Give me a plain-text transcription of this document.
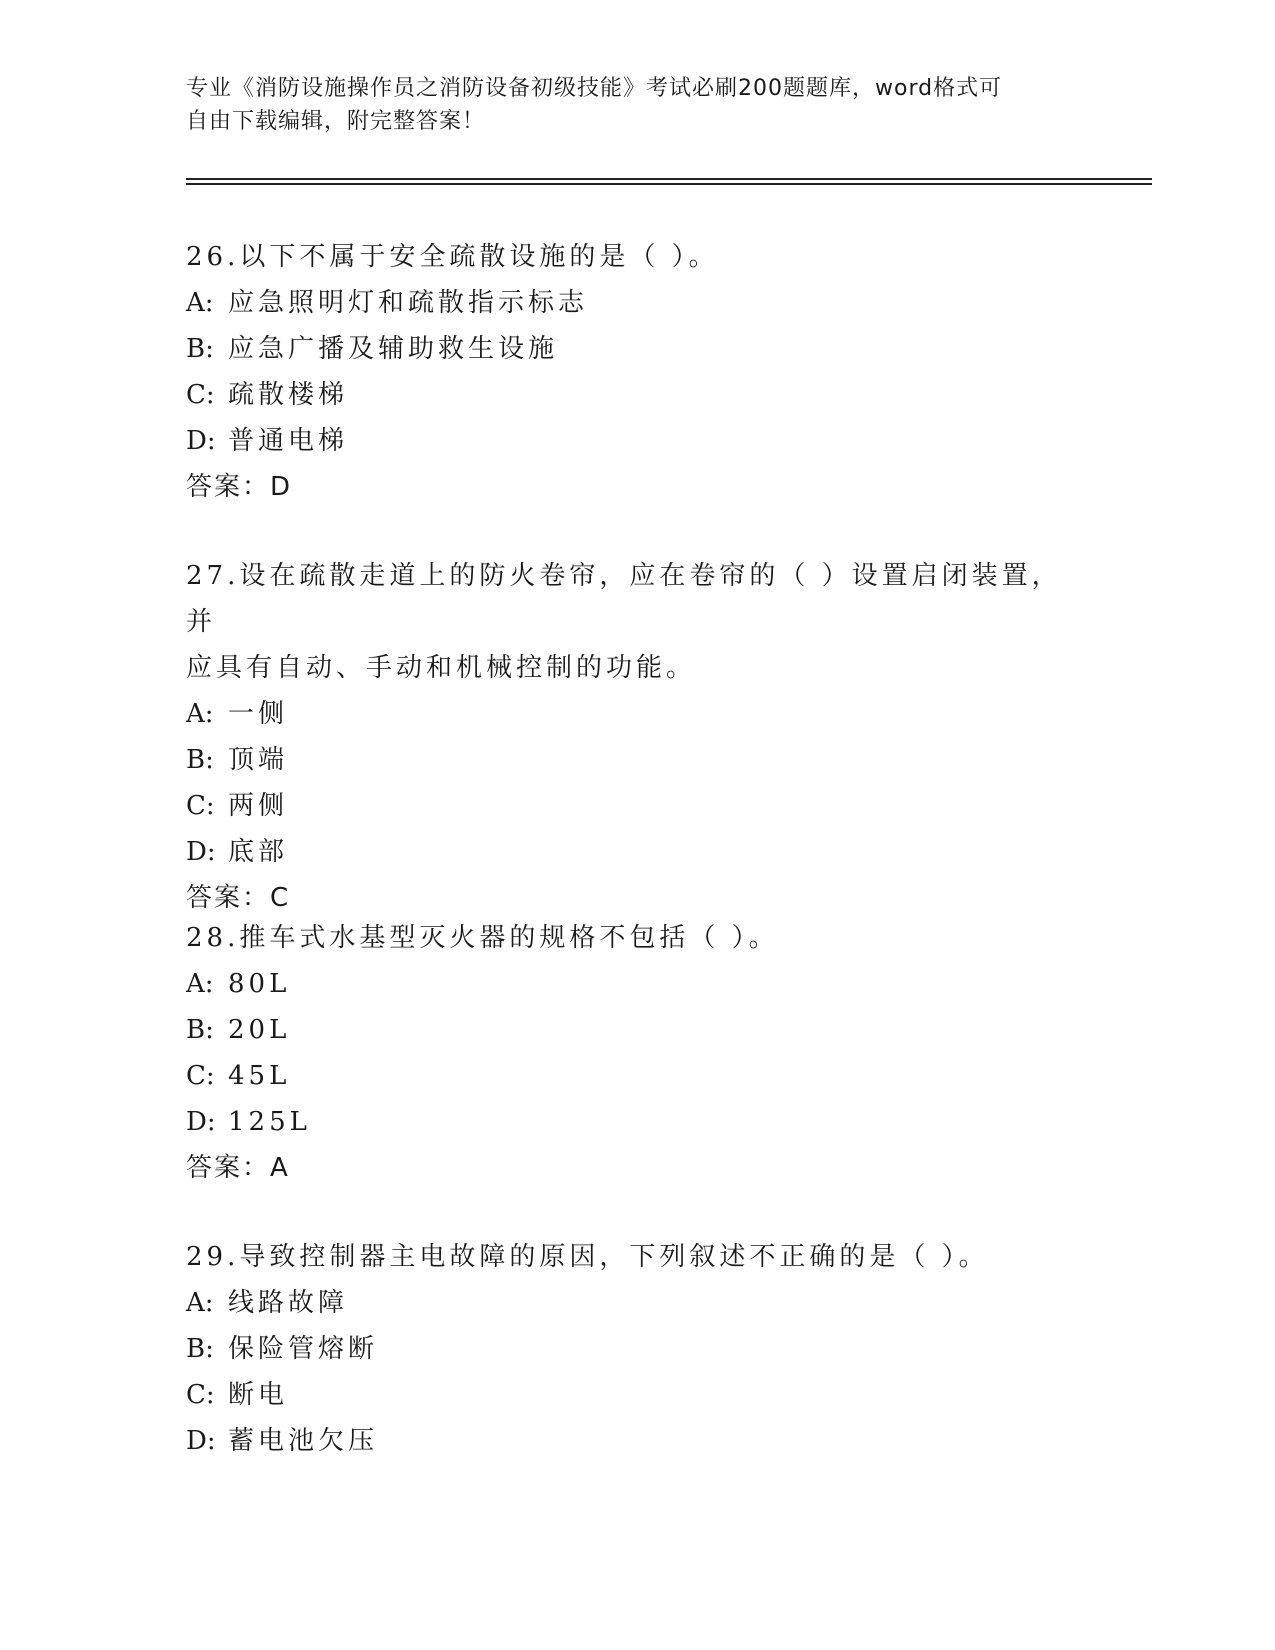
专业《消防设施操作员之消防设备初级技能》考试必刷200题题库，word格式可
自由下载编辑，附完整答案！

26.以下不属于安全疏散设施的是（ ）。

A: 应急照明灯和疏散指示标志

B: 应急广播及辅助救生设施

C: 疏散楼梯

D: 普通电梯

答案：D

27.设在疏散走道上的防火卷帘，应在卷帘的（ ）设置启闭装置，并

应具有自动、手动和机械控制的功能。

A: 一侧

B: 顶端

C: 两侧

D: 底部

答案：C

28.推车式水基型灭火器的规格不包括（ ）。

A: 80L

B: 20L

C: 45L

D: 125L

答案：A

29.导致控制器主电故障的原因，下列叙述不正确的是（ ）。

A: 线路故障

B: 保险管熔断

C: 断电

D: 蓄电池欠压
